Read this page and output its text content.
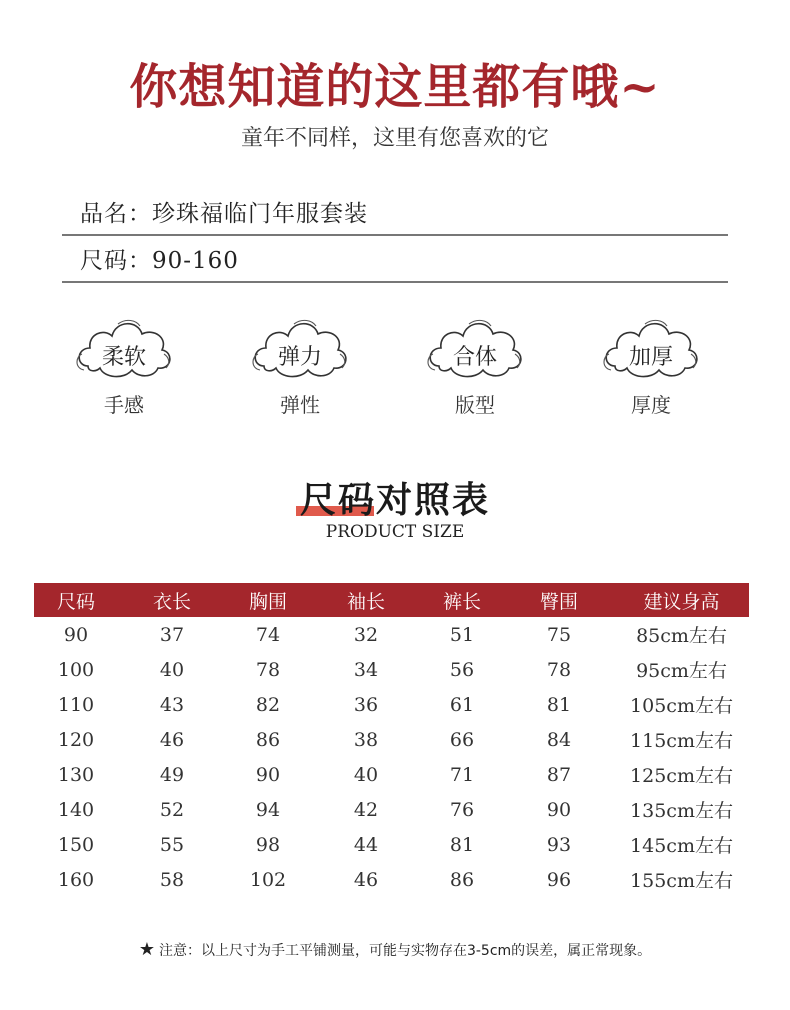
你想知道的这里都有哦~
童年不同样，这里有您喜欢的它
品名：珍珠福临门年服套装
尺码：90-160
柔软
手感
弹力
弹性
合体
版型
加厚
厚度
尺码对照表
PRODUCT SIZE
尺码	衣长	胸围	袖长	裤长	臀围	建议身高
90	37	74	32	51	75	85cm左右
100	40	78	34	56	78	95cm左右
110	43	82	36	61	81	105cm左右
120	46	86	38	66	84	115cm左右
130	49	90	40	71	87	125cm左右
140	52	94	42	76	90	135cm左右
150	55	98	44	81	93	145cm左右
160	58	102	46	86	96	155cm左右
★ 注意：以上尺寸为手工平铺测量，可能与实物存在3-5cm的误差，属正常现象。
